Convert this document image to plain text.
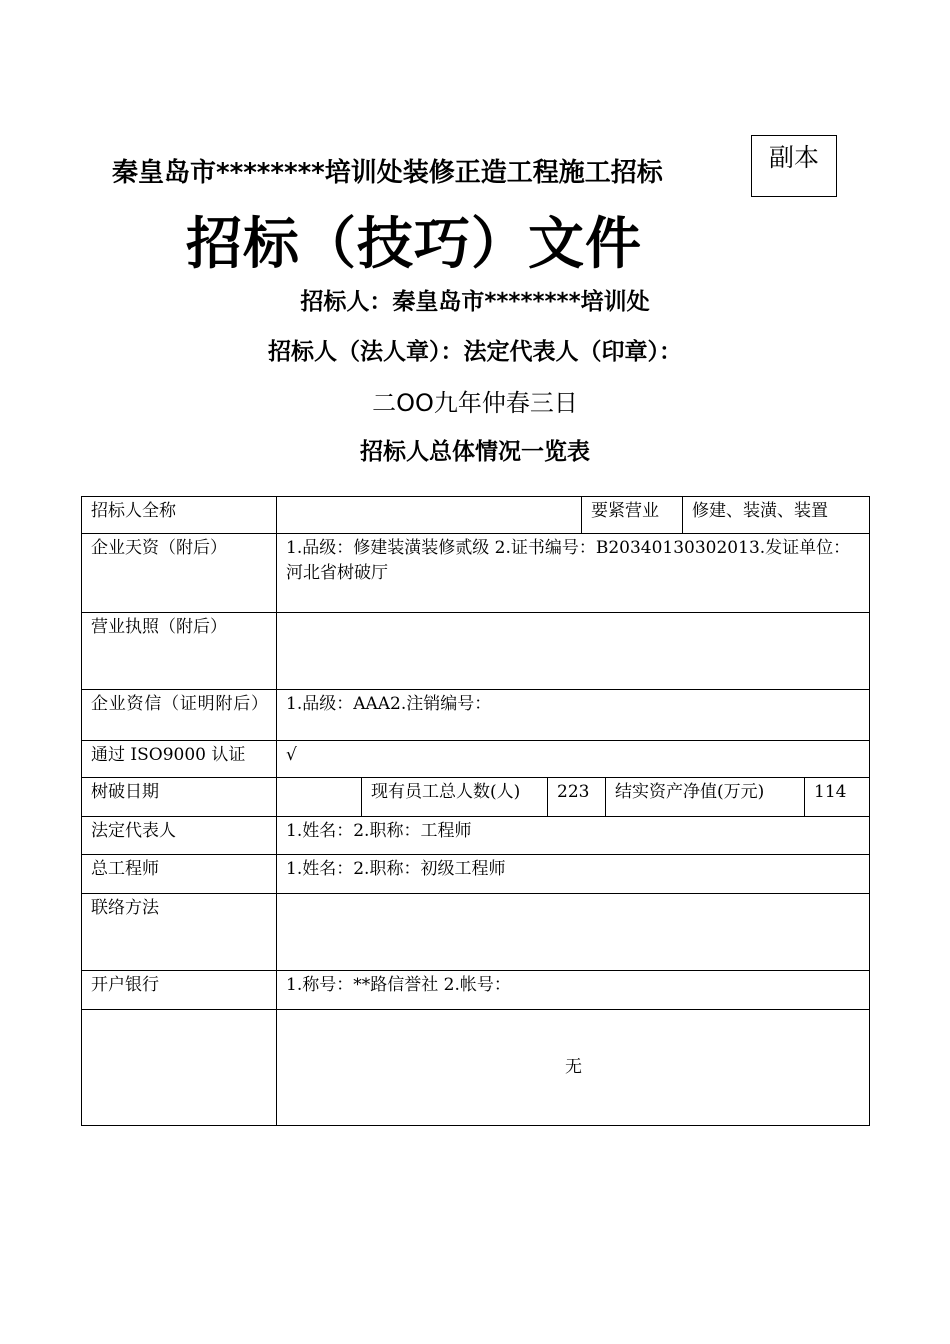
副本
秦皇岛市********培训处装修正造工程施工招标
招标（技巧）文件
招标人：秦皇岛市********培训处
招标人（法人章）：法定代表人（印章）：
二OO九年仲春三日
招标人总体情况一览表
招标人全称				要紧营业		修建、装潢、装置	
企业天资（附后）	1.品级：修建装潢装修贰级 2.证书编号：B20340130302013.发证单位：河北省树破厅						
营业执照（附后）							
企业资信（证明附后）	1.品级：AAA2.注销编号：						
通过 ISO9000 认证	√						
树破日期		现有员工总人数(人)	223		结实资产净值(万元)		114
法定代表人	1.姓名：2.职称：工程师						
总工程师	1.姓名：2.职称：初级工程师						
联络方法							
开户银行	1.称号：**路信誉社 2.帐号：						
	无						
